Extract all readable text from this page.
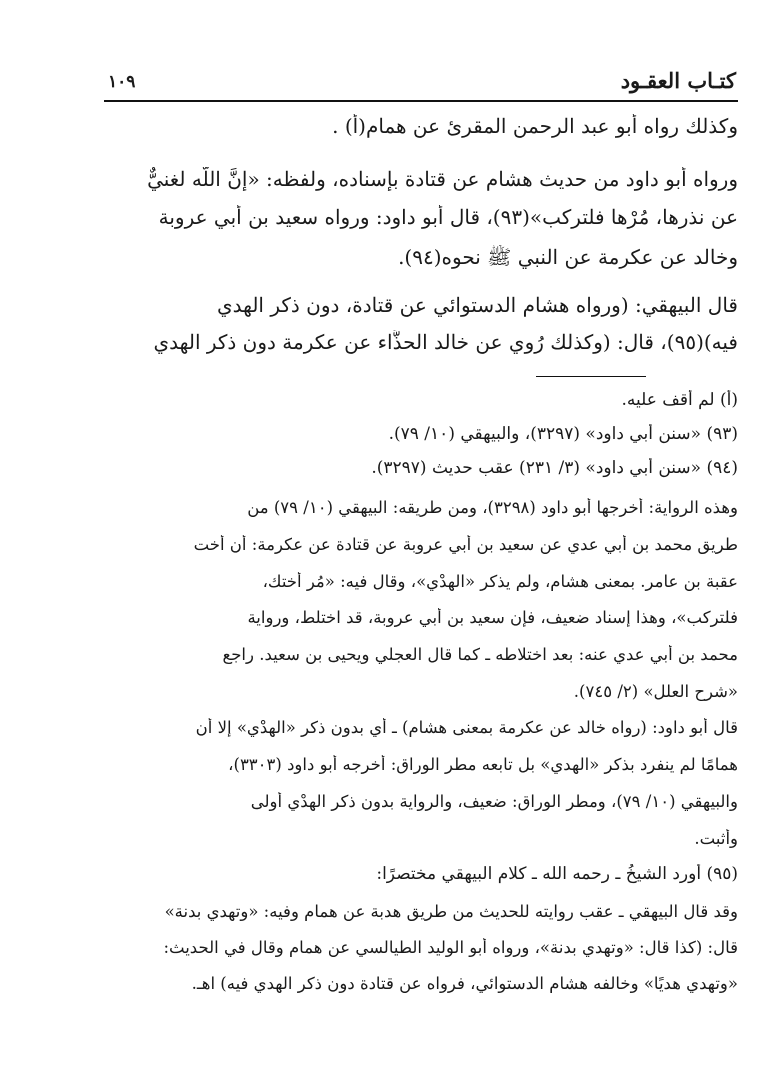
كتـاب العقـود
١٠٩
وكذلك رواه أبو عبد الرحمن المقرئ عن همام(أ) .
ورواه أبو داود من حديث هشام عن قتادة بإسناده، ولفظه: «إنَّ اللّه لغنيٌّ
عن نذرها، مُرْها فلتركب»(٩٣)، قال أبو داود: ورواه سعيد بن أبي عروبة
وخالد عن عكرمة عن النبي ﷺ نحوه(٩٤).
قال البيهقي: (ورواه هشام الدستوائي عن قتادة، دون ذكر الهدي
فيه)(٩٥)، قال: (وكذلك رُوي عن خالد الحذَّاء عن عكرمة دون ذكر الهدي
(أ) لم أقف عليه.
(٩٣) «سنن أبي داود» (٣٢٩٧)، والبيهقي (١٠/ ٧٩).
(٩٤) «سنن أبي داود» (٣/ ٢٣١) عقب حديث (٣٢٩٧).
وهذه الرواية: أخرجها أبو داود (٣٢٩٨)، ومن طريقه: البيهقي (١٠/ ٧٩) من
طريق محمد بن أبي عدي عن سعيد بن أبي عروبة عن قتادة عن عكرمة: أن أخت
عقبة بن عامر. بمعنى هشام، ولم يذكر «الهدْي»، وقال فيه: «مُر أختك،
فلتركب»، وهذا إسناد ضعيف، فإن سعيد بن أبي عروبة، قد اختلط، ورواية
محمد بن أبي عدي عنه: بعد اختلاطه ـ كما قال العجلي ويحيى بن سعيد. راجع
«شرح العلل» (٢/ ٧٤٥).
قال أبو داود: (رواه خالد عن عكرمة بمعنى هشام) ـ أي بدون ذكر «الهدْي» إلا أن
همامًا لم ينفرد بذكر «الهدي» بل تابعه مطر الوراق: أخرجه أبو داود (٣٣٠٣)،
والبيهقي (١٠/ ٧٩)، ومطر الوراق: ضعيف، والرواية بدون ذكر الهدْي أولى
وأثبت.
(٩٥) أورد الشيخُ ـ رحمه الله ـ كلام البيهقي مختصرًا:
وقد قال البيهقي ـ عقب روايته للحديث من طريق هدبة عن همام وفيه: «وتهدي بدنة»
قال: (كذا قال: «وتهدي بدنة»، ورواه أبو الوليد الطيالسي عن همام وقال في الحديث:
«وتهدي هديًا» وخالفه هشام الدستوائي، فرواه عن قتادة دون ذكر الهدي فيه) اهـ.
